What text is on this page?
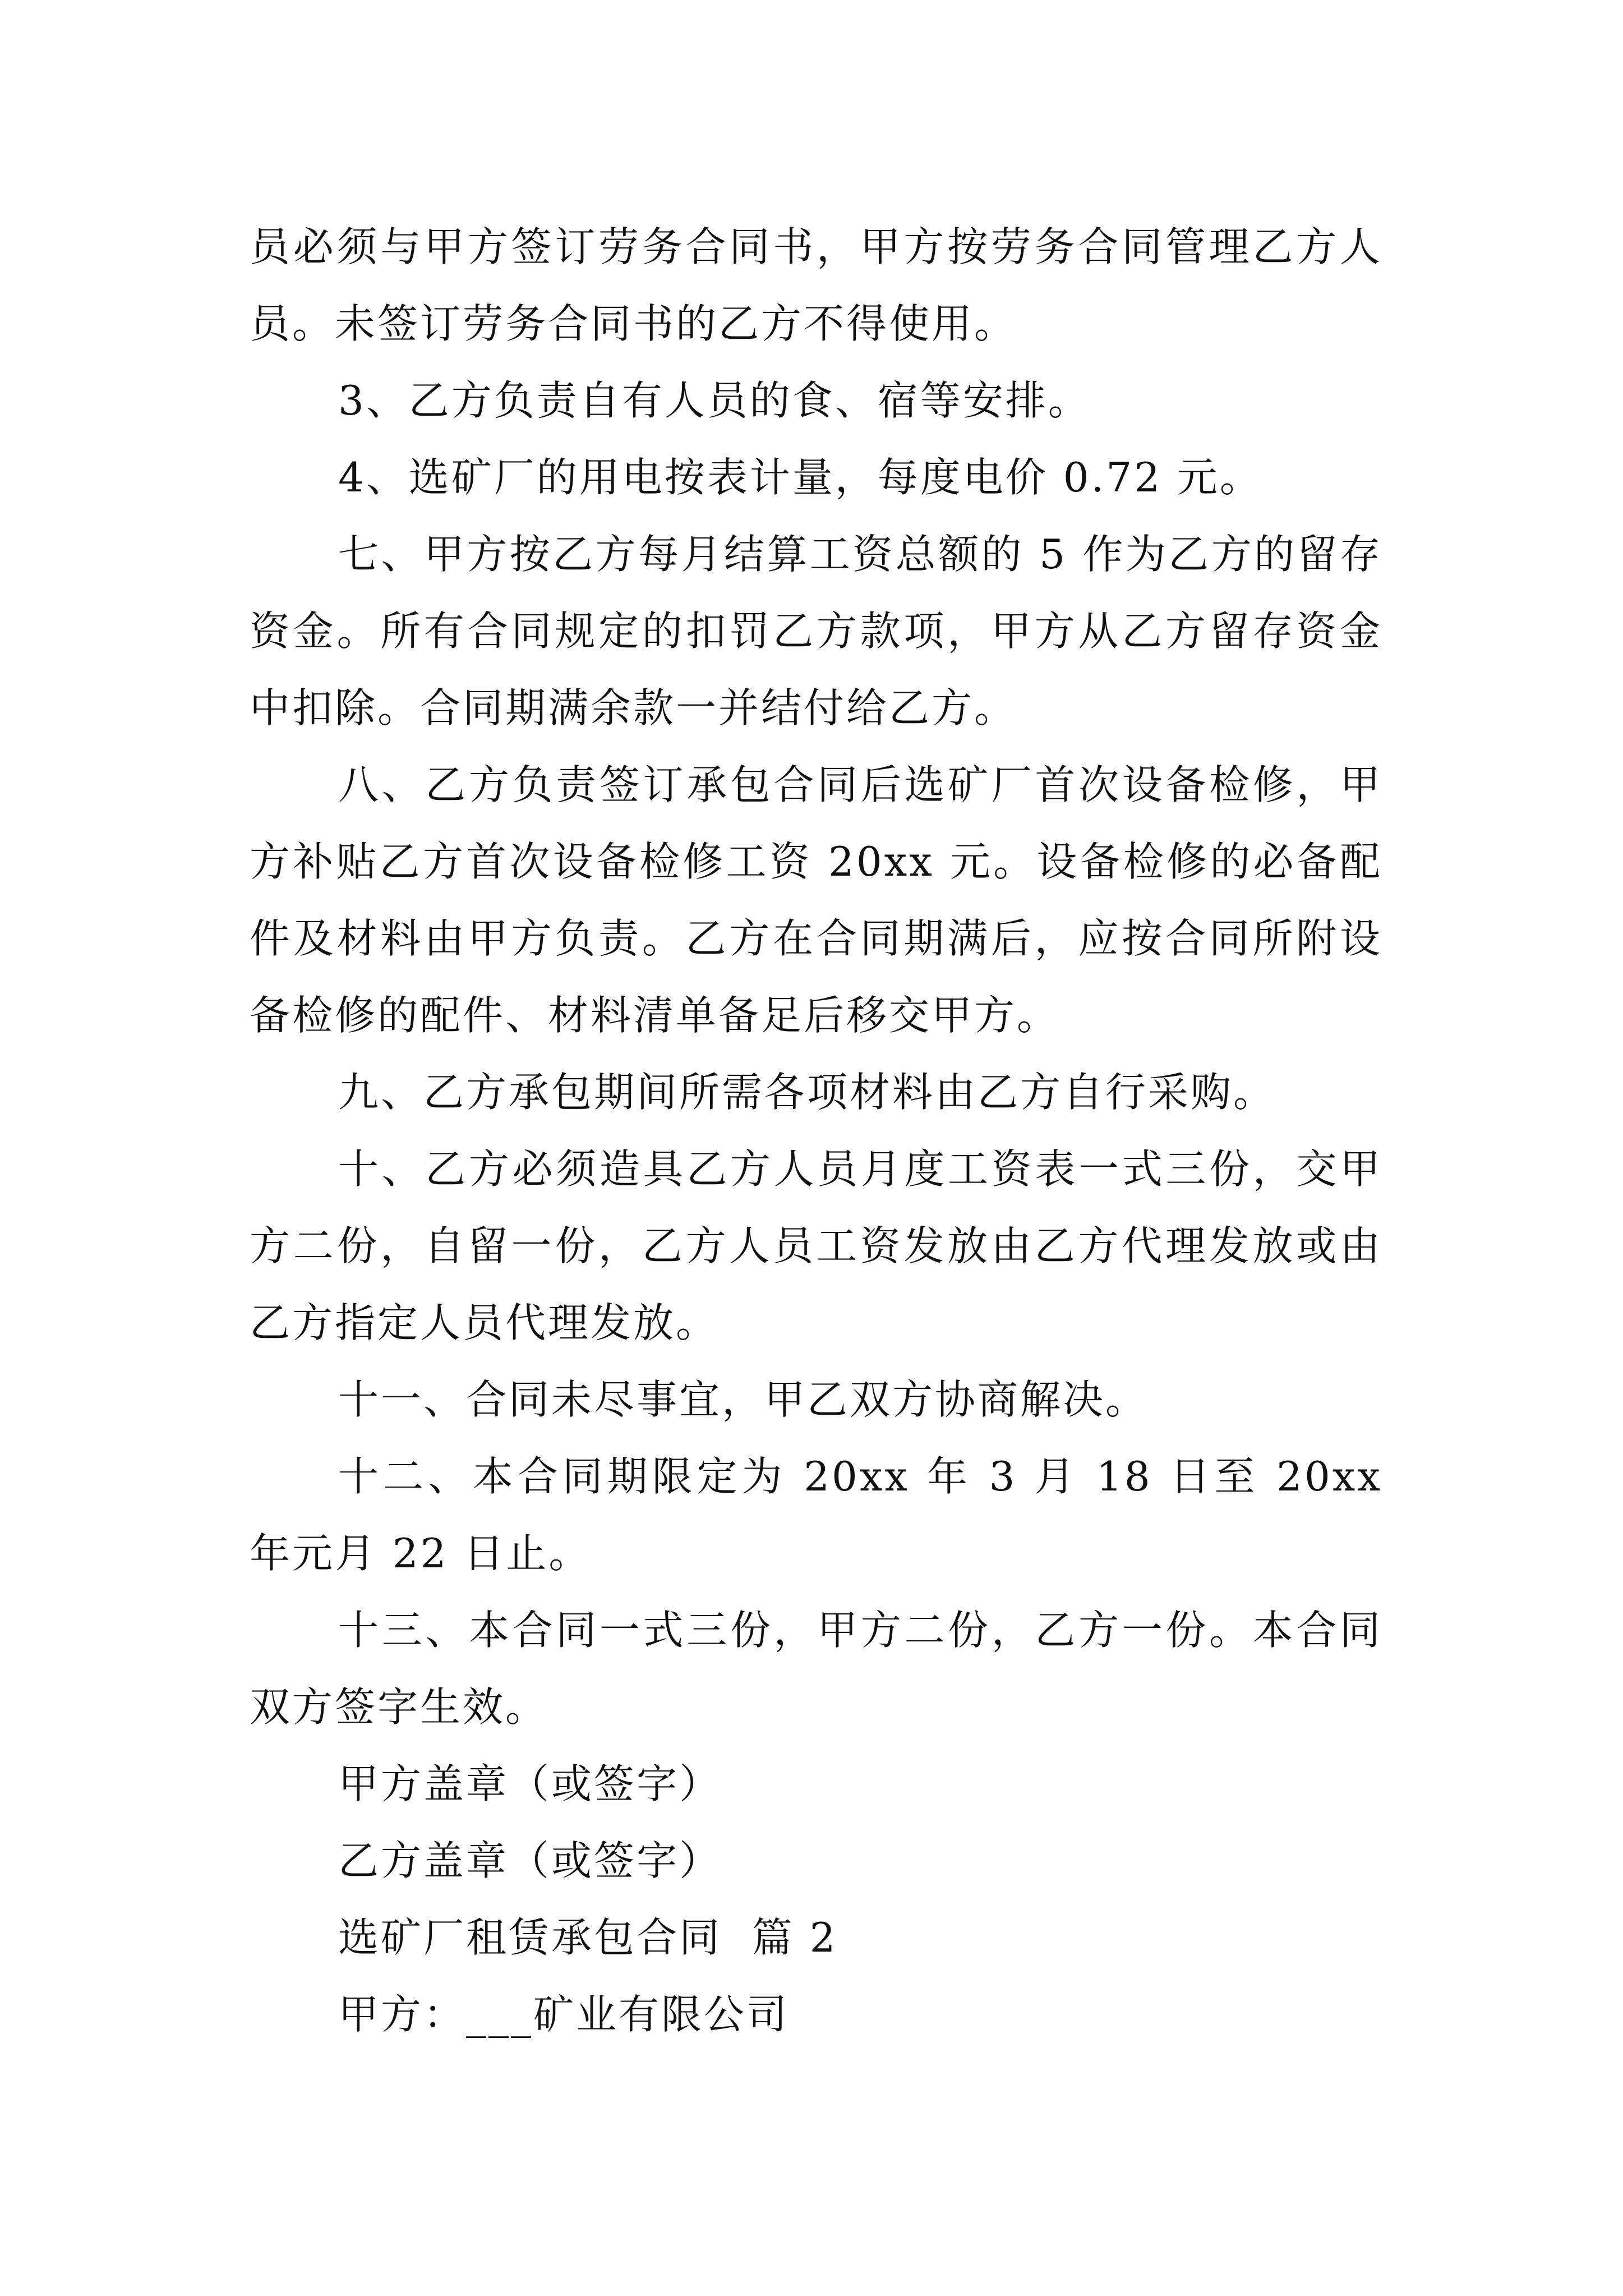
员必须与甲方签订劳务合同书，甲方按劳务合同管理乙方人员。未签订劳务合同书的乙方不得使用。

3、乙方负责自有人员的食、宿等安排。

4、选矿厂的用电按表计量，每度电价 0.72 元。

七、甲方按乙方每月结算工资总额的 5 作为乙方的留存资金。所有合同规定的扣罚乙方款项，甲方从乙方留存资金中扣除。合同期满余款一并结付给乙方。

八、乙方负责签订承包合同后选矿厂首次设备检修，甲方补贴乙方首次设备检修工资 20xx 元。设备检修的必备配件及材料由甲方负责。乙方在合同期满后，应按合同所附设备检修的配件、材料清单备足后移交甲方。

九、乙方承包期间所需各项材料由乙方自行采购。

十、乙方必须造具乙方人员月度工资表一式三份，交甲方二份，自留一份，乙方人员工资发放由乙方代理发放或由乙方指定人员代理发放。

十一、合同未尽事宜，甲乙双方协商解决。

十二、本合同期限定为 20xx 年 3 月 18 日至 20xx 年元月 22 日止。

十三、本合同一式三份，甲方二份，乙方一份。本合同双方签字生效。

甲方盖章（或签字）

乙方盖章（或签字）

选矿厂租赁承包合同  篇 2

甲方：___矿业有限公司
